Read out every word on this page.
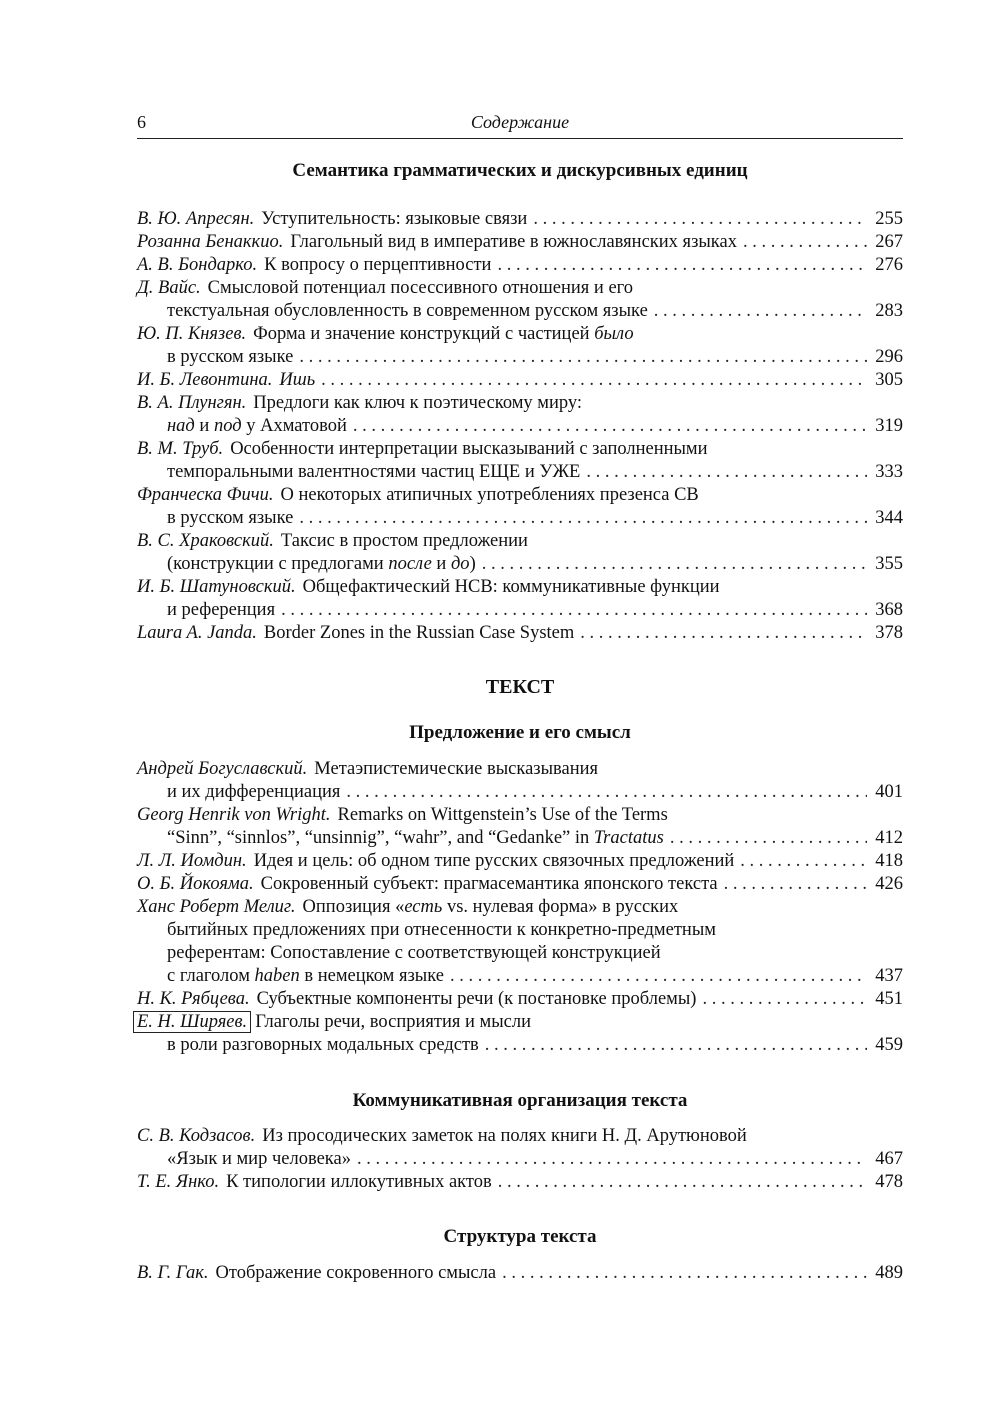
6	Содержание
Семантика грамматических и дискурсивных единиц
В. Ю. Апресян. Уступительность: языковые связи . . .	255
Розанна Бенаккио. Глагольный вид в императиве в южнославянских языках . . .	267
А. В. Бондарко. К вопросу о перцептивности . . .	276
Д. Вайс. Смысловой потенциал посессивного отношения и его
текстуальная обусловленность в современном русском языке . . .	283
Ю. П. Князев. Форма и значение конструкций с частицей было
в русском языке . . .	296
И. Б. Левонтина. Ишь . . .	305
В. А. Плунгян. Предлоги как ключ к поэтическому миру:
над и под у Ахматовой . . .	319
В. М. Труб. Особенности интерпретации высказываний с заполненными
темпоральными валентностями частиц ЕЩЕ и УЖЕ . . .	333
Франческа Фичи. О некоторых атипичных употреблениях презенса СВ
в русском языке . . .	344
В. С. Храковский. Таксис в простом предложении
(конструкции с предлогами после и до) . . .	355
И. Б. Шатуновский. Общефактический НСВ: коммуникативные функции
и референция . . .	368
Laura A. Janda. Border Zones in the Russian Case System . . .	378
ТЕКСТ
Предложение и его смысл
Андрей Богуславский. Метаэпистемические высказывания
и их дифференциация . . .	401
Georg Henrik von Wright. Remarks on Wittgenstein’s Use of the Terms
“Sinn”, “sinnlos”, “unsinnig”, “wahr”, and “Gedanke” in Tractatus . . .	412
Л. Л. Иомдин. Идея и цель: об одном типе русских связочных предложений . . .	418
О. Б. Йокояма. Сокровенный субъект: прагмасемантика японского текста . . .	426
Ханс Роберт Мелиг. Оппозиция «есть vs. нулевая форма» в русских
бытийных предложениях при отнесенности к конкретно-предметным
референтам: Сопоставление с соответствующей конструкцией
с глаголом haben в немецком языке . . .	437
Н. К. Рябцева. Субъектные компоненты речи (к постановке проблемы) . . .	451
Е. Н. Ширяев. Глаголы речи, восприятия и мысли
в роли разговорных модальных средств . . .	459
Коммуникативная организация текста
С. В. Кодзасов. Из просодических заметок на полях книги Н. Д. Арутюновой
«Язык и мир человека» . . .	467
Т. Е. Янко. К типологии иллокутивных актов . . .	478
Структура текста
В. Г. Гак. Отображение сокровенного смысла . . .	489
